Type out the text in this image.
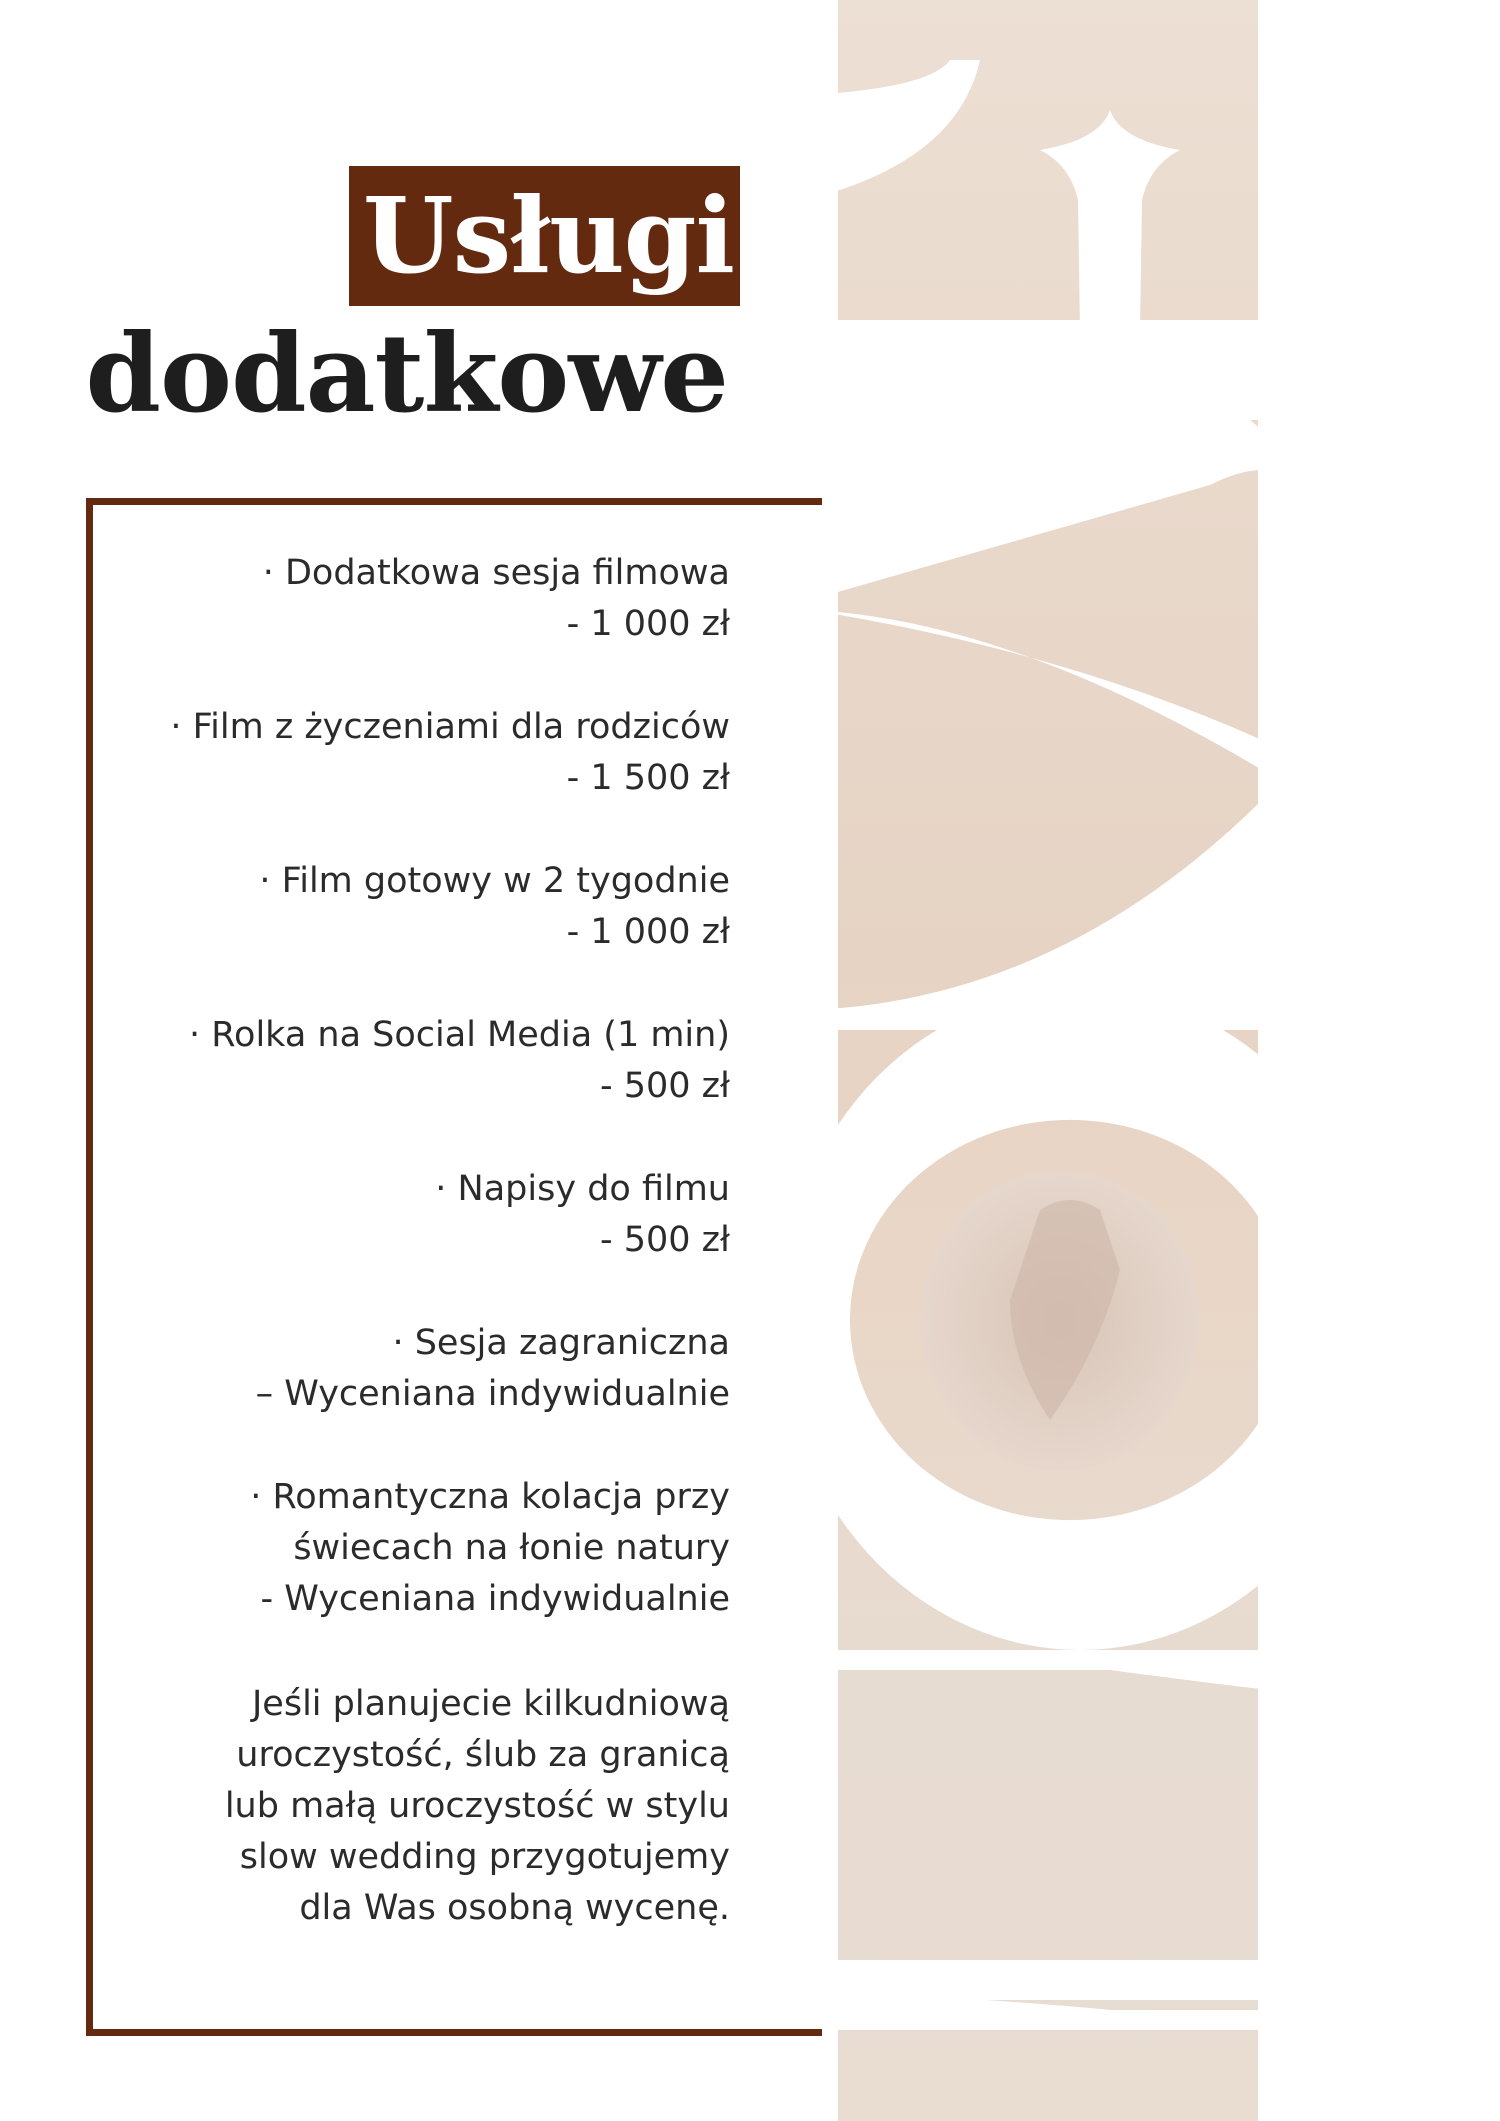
Usługi
dodatkowe
· Dodatkowa sesja filmowa
- 1 000 zł
· Film z życzeniami dla rodziców
- 1 500 zł
· Film gotowy w 2 tygodnie
- 1 000 zł
· Rolka na Social Media (1 min)
- 500 zł
· Napisy do filmu
- 500 zł
· Sesja zagraniczna
– Wyceniana indywidualnie
· Romantyczna kolacja przy
świecach na łonie natury
- Wyceniana indywidualnie
Jeśli planujecie kilkudniową
uroczystość, ślub za granicą
lub małą uroczystość w stylu
slow wedding przygotujemy
dla Was osobną wycenę.
